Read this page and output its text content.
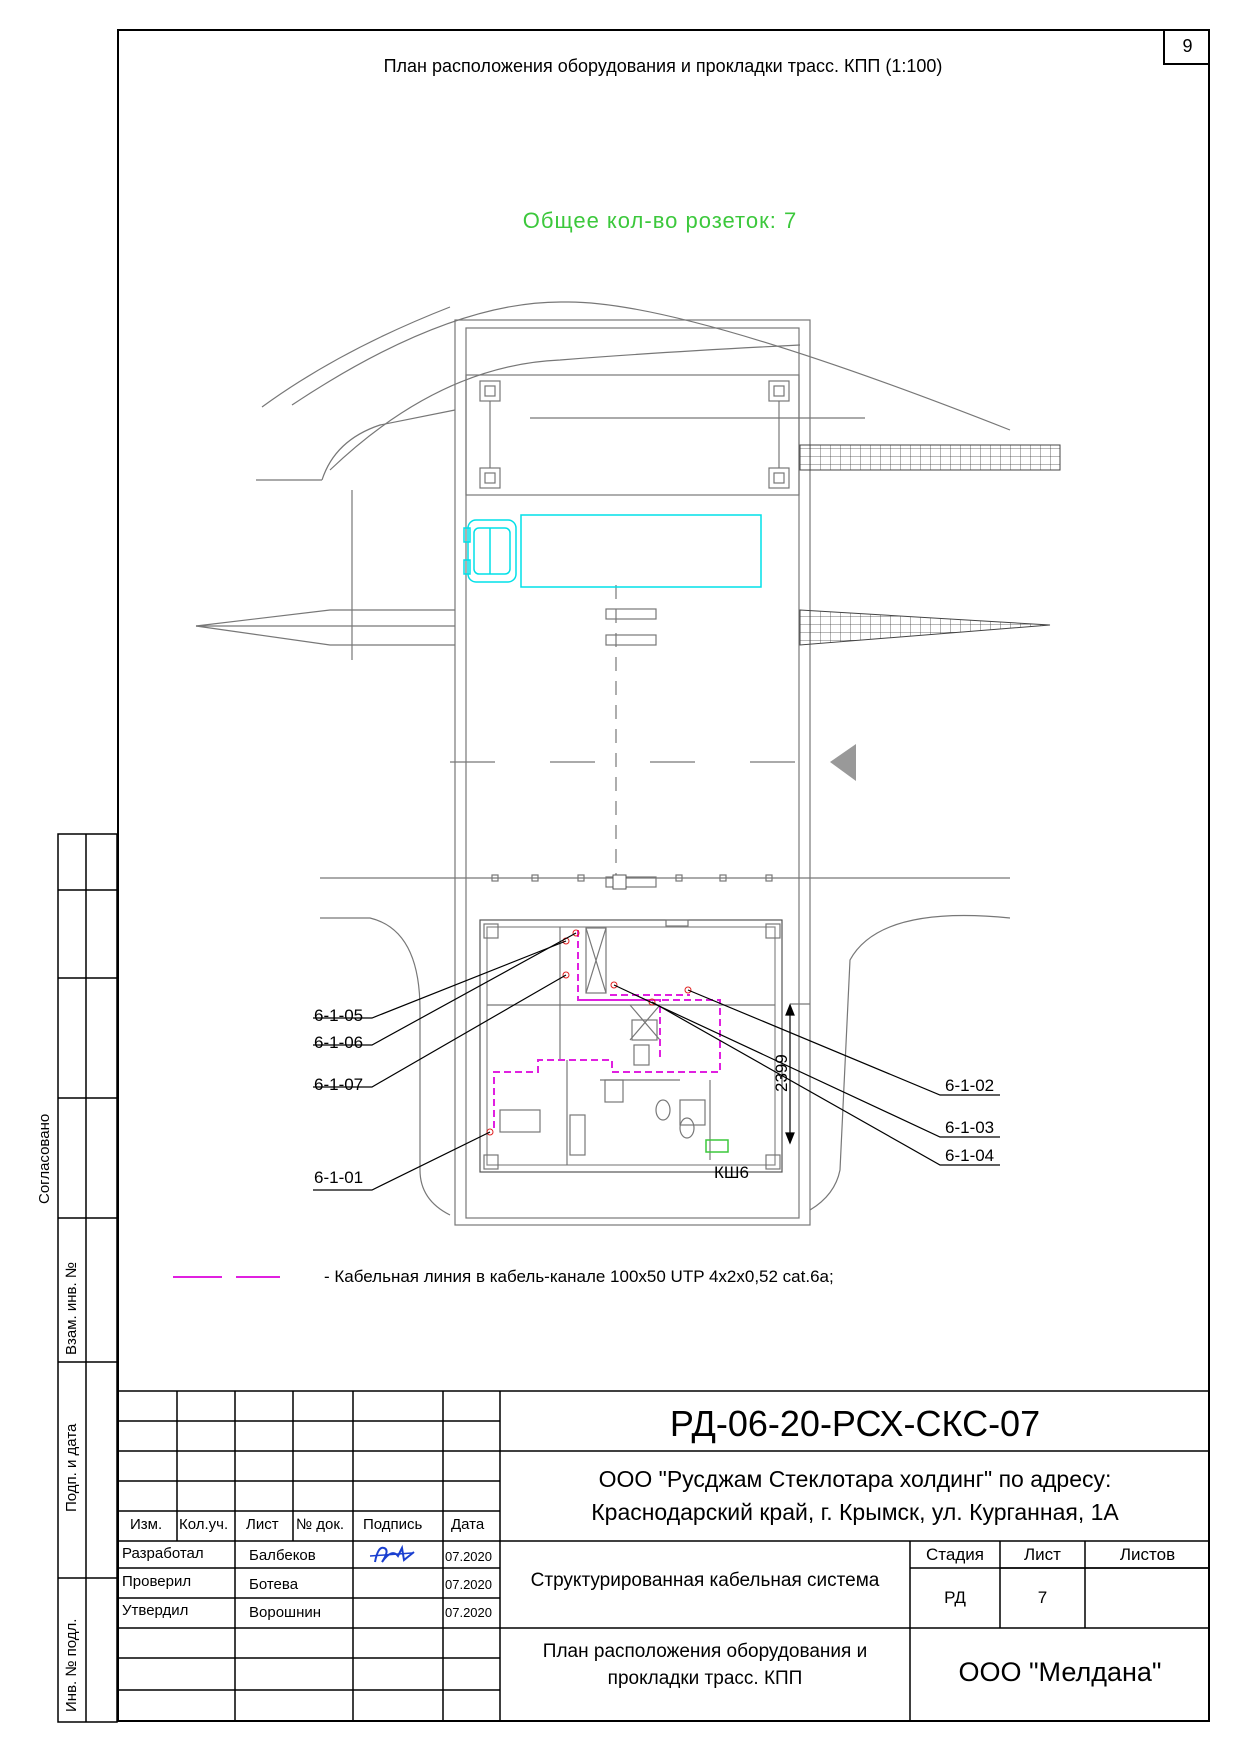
9
План расположения оборудования и прокладки трасс. КПП (1:100)
Общее кол-во розеток: 7
6-1-05
6-1-06
6-1-07
6-1-01
6-1-02
6-1-03
6-1-04
2399
КШ6
- Кабельная линия в кабель-канале 100х50 UTP 4x2x0,52 cat.6a;
Согласовано
Взам. инв. №
Подп. и дата
Инв. № подл.
РД-06-20-РСХ-СКС-07
ООО "Русджам Стеклотара холдинг" по адресу:
Краснодарский край, г. Крымск, ул. Курганная, 1А
Изм. Кол.уч. Лист № док. Подпись Дата
Разработал	Балбеков	07.2020
Проверил	Ботева	07.2020
Утвердил	Ворошнин	07.2020
Структурированная кабельная система
Стадия	Лист	Листов
РД	7
План расположения оборудования и
прокладки трасс. КПП	ООО "Мелдана"
